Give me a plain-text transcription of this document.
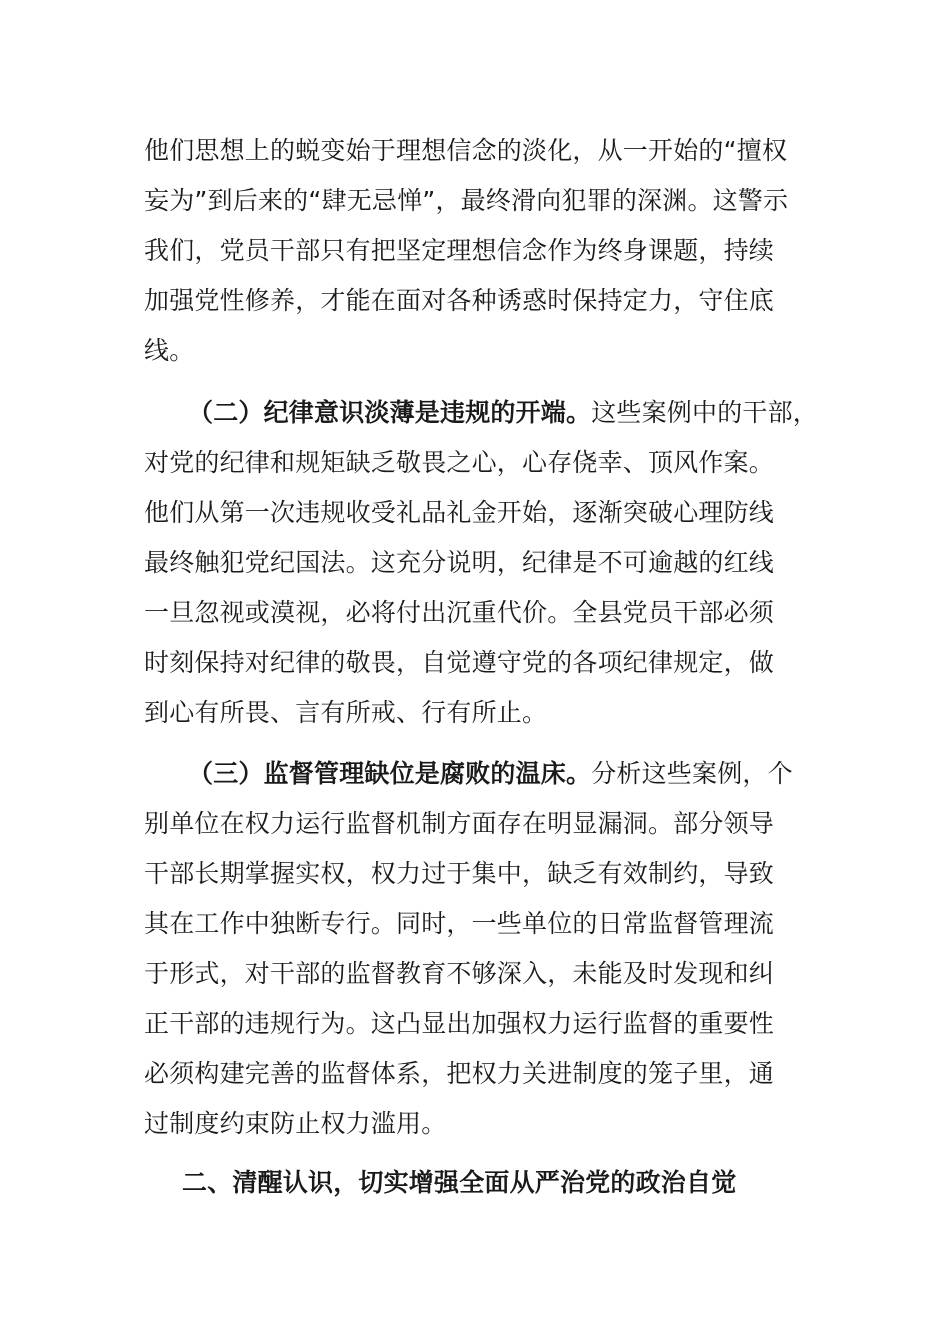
他们思想上的蜕变始于理想信念的淡化，从一开始的“擅权
妄为”到后来的“肆无忌惮”，最终滑向犯罪的深渊。这警示
我们，党员干部只有把坚定理想信念作为终身课题，持续
加强党性修养，才能在面对各种诱惑时保持定力，守住底
线。
（二）纪律意识淡薄是违规的开端。这些案例中的干部，
对党的纪律和规矩缺乏敬畏之心，心存侥幸、顶风作案。
他们从第一次违规收受礼品礼金开始，逐渐突破心理防线
最终触犯党纪国法。这充分说明，纪律是不可逾越的红线
一旦忽视或漠视，必将付出沉重代价。全县党员干部必须
时刻保持对纪律的敬畏，自觉遵守党的各项纪律规定，做
到心有所畏、言有所戒、行有所止。
（三）监督管理缺位是腐败的温床。分析这些案例，个
别单位在权力运行监督机制方面存在明显漏洞。部分领导
干部长期掌握实权，权力过于集中，缺乏有效制约，导致
其在工作中独断专行。同时，一些单位的日常监督管理流
于形式，对干部的监督教育不够深入，未能及时发现和纠
正干部的违规行为。这凸显出加强权力运行监督的重要性
必须构建完善的监督体系，把权力关进制度的笼子里，通
过制度约束防止权力滥用。
二、清醒认识，切实增强全面从严治党的政治自觉
